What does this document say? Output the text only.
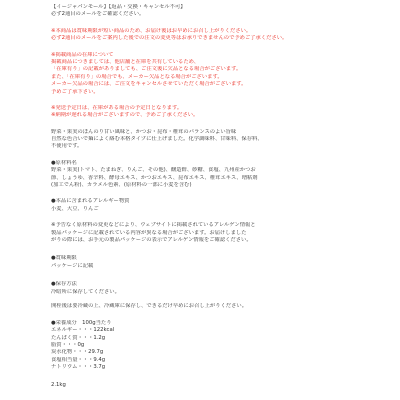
【イージャパンモール】【返品・交換・キャンセル不可】
必ず2通目のメールをご確認ください。
※本商品は賞味期限が短い商品のため、お届け後はお早めにお召し上がりください。
必ず2通目のメールをご案内した後での注文の変更等はお承りできませんので予めご了承ください。
※掲載商品の在庫について
掲載商品につきましては、他店舗と在庫を共有しているため、
「在庫有り」の記載がありましても、ご注文後に欠品となる場合がございます。
また、「在庫有り」の場合でも、メーカー欠品となる場合がございます。
メーカー欠品の場合には、ご注文をキャンセルさせていただく場合がございます。
予めご了承下さい。
※発送予定日は、在庫がある場合の予定日となります。
※納期が遅れる場合がございますので、予めご了承ください。
野菜・果実のほんのり甘い風味と、かつお・昆布・椎茸のバランスのよい旨味
自然な色合いで麺によく絡む本格タイプに仕上げました。化学調味料、甘味料、保存料、
不使用です。
●原材料名
野菜・果実(トマト、たまねぎ、りんご、その他)、醸造酢、砂糖、食塩、九州産かつお
節、しょうゆ、香辛料、酵母エキス、かつおエキス、昆布エキス、椎茸エキス、増粘剤
(加工でん粉)、カラメル色素、(原材料の一部に小麦を含む)
●本品に含まれるアレルギー物質
小麦、大豆、りんご
※予告なく原材料の変更などにより、ウェブサイトに掲載されているアレルゲン情報と
製品パッケージに記載されている内容が異なる場合がございます。お届けしました
がりの際には、お手元の製品パッケージの表示でアレルゲン情報をご確認ください。
●賞味期限
パッケージに記載
●保存方法
冷暗所に保存してください。
開栓後は要冷蔵の上、冷蔵庫に保存し、できるだけ早めにお召し上がりください。
●栄養成分　 100g当たり
エネルギー・・・122kcal
たんぱく質・・・1.2g
脂質・・・0g
炭水化物・・・29.7g
食塩相当量・・・9.4g
ナトリウム・・・3.7g
2.1kg
